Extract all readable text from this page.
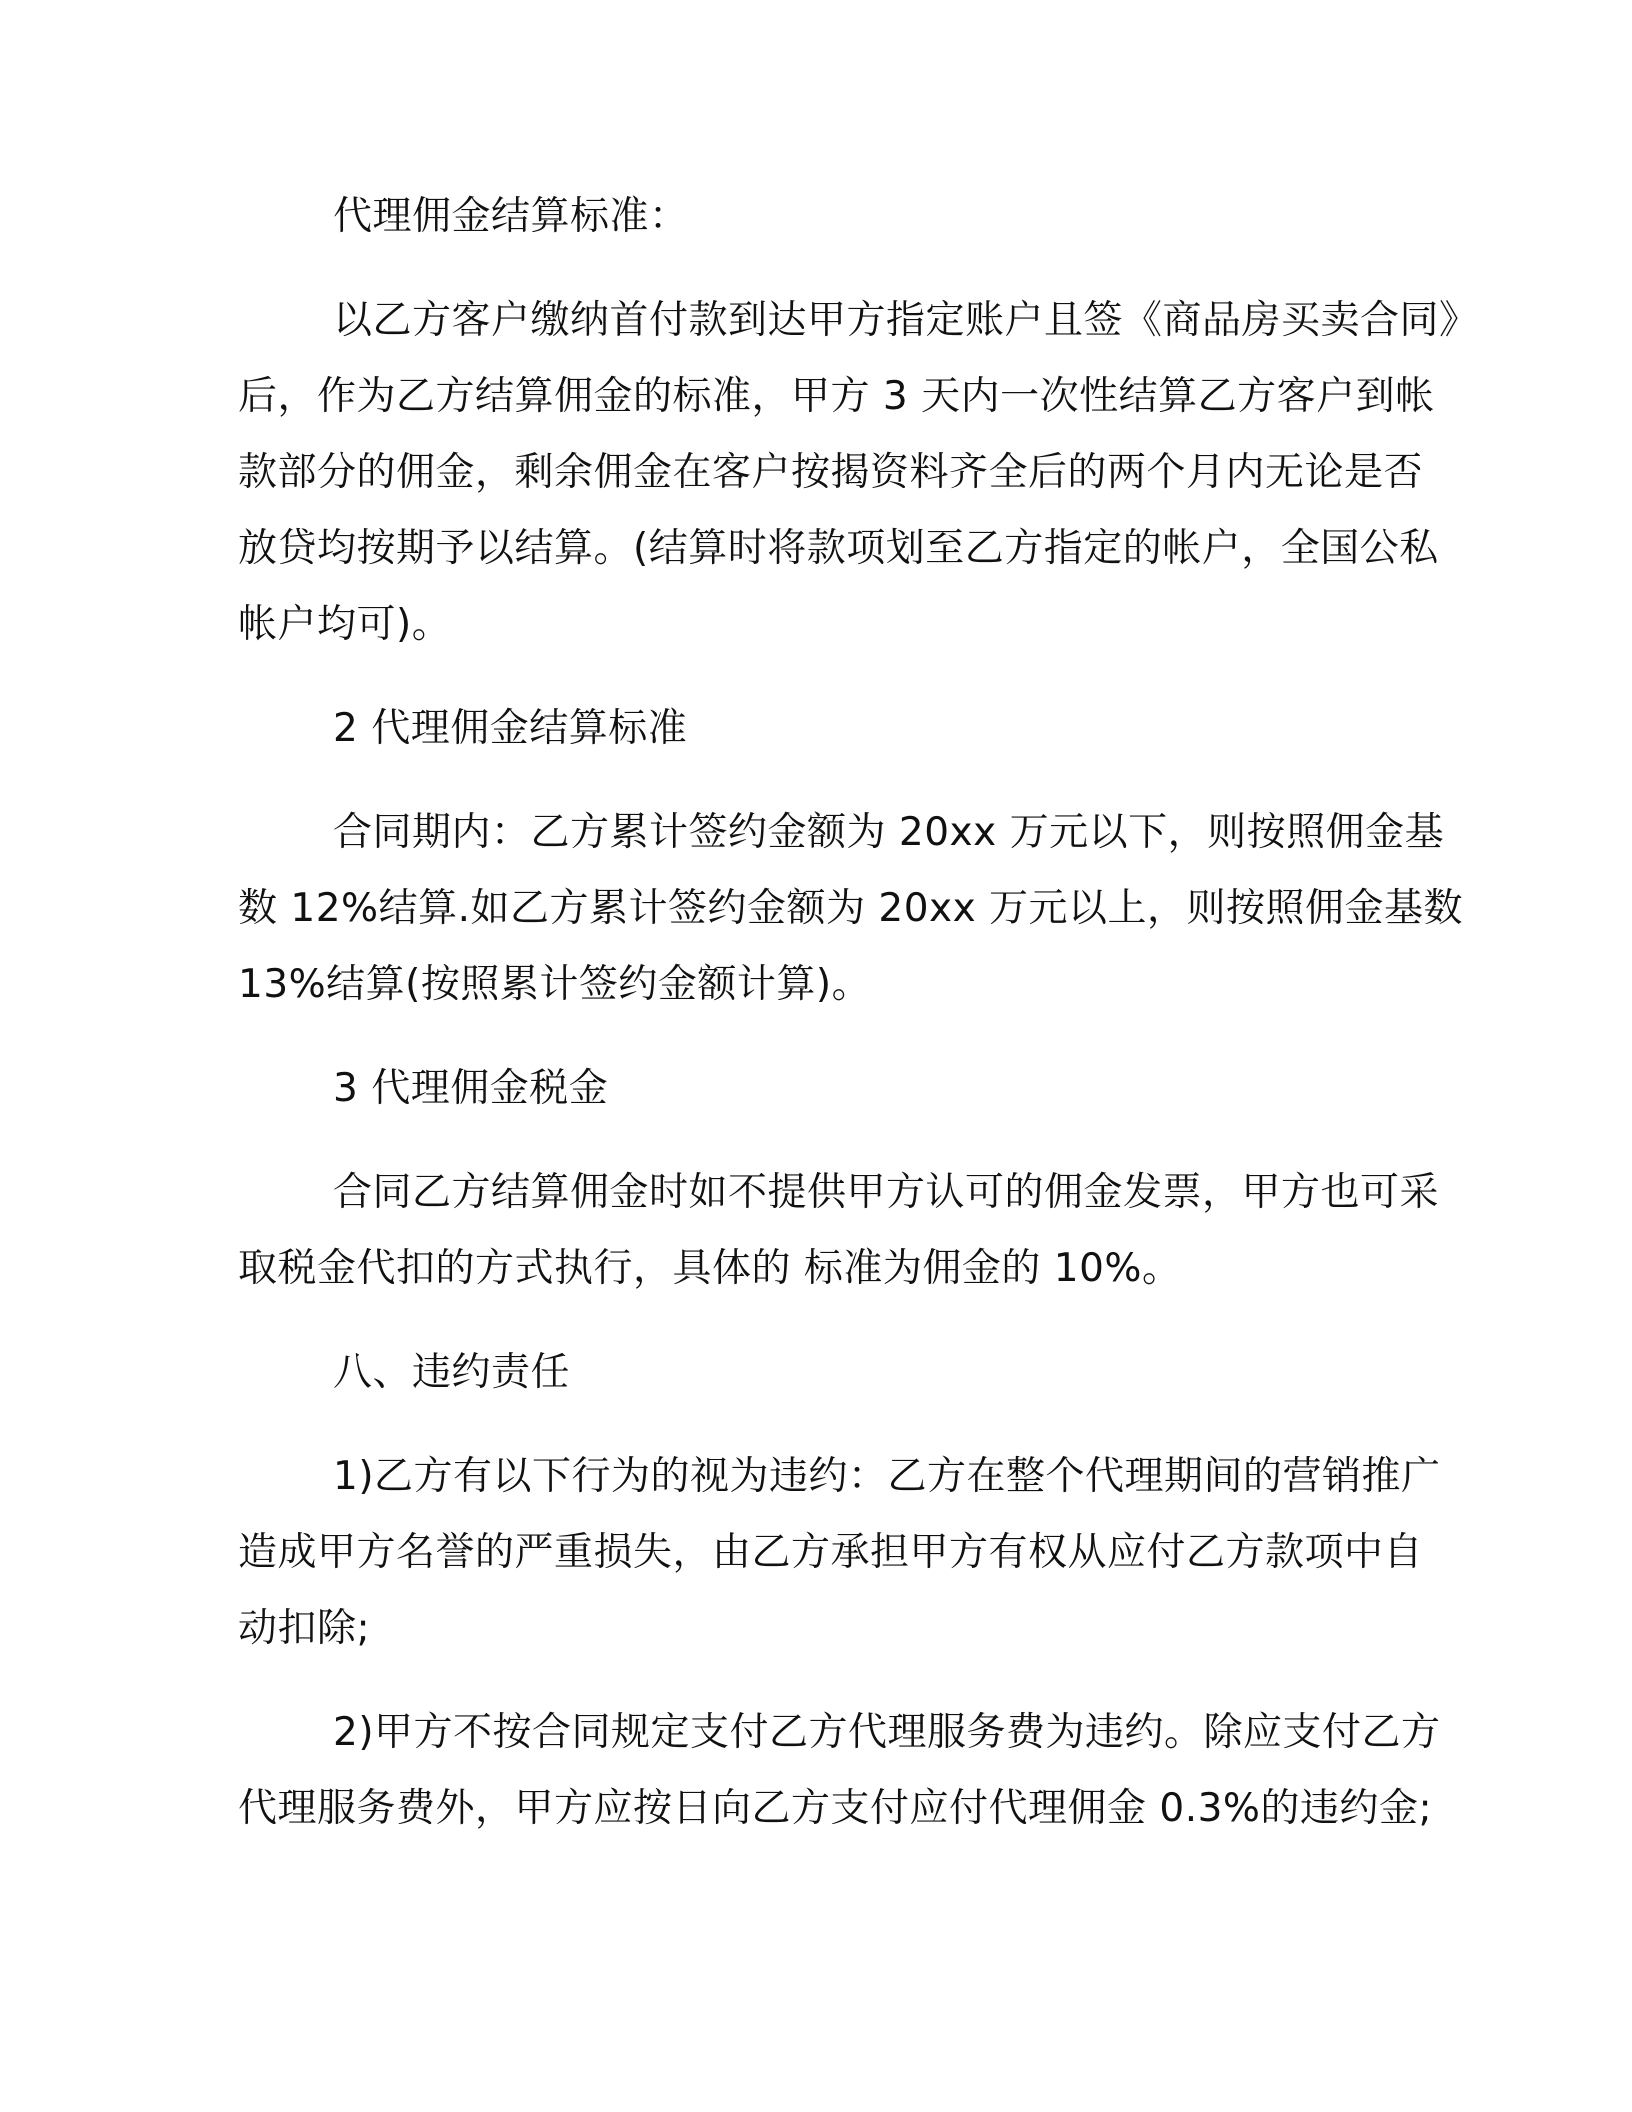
代理佣金结算标准：
以乙方客户缴纳首付款到达甲方指定账户且签《商品房买卖合同》
后，作为乙方结算佣金的标准，甲方 3 天内一次性结算乙方客户到帐
款部分的佣金，剩余佣金在客户按揭资料齐全后的两个月内无论是否
放贷均按期予以结算。(结算时将款项划至乙方指定的帐户，全国公私
帐户均可)。
2 代理佣金结算标准
合同期内：乙方累计签约金额为 20xx 万元以下，则按照佣金基
数 12%结算.如乙方累计签约金额为 20xx 万元以上，则按照佣金基数
13%结算(按照累计签约金额计算)。
3 代理佣金税金
合同乙方结算佣金时如不提供甲方认可的佣金发票，甲方也可采
取税金代扣的方式执行，具体的 标准为佣金的 10%。
八、违约责任
1)乙方有以下行为的视为违约：乙方在整个代理期间的营销推广
造成甲方名誉的严重损失，由乙方承担甲方有权从应付乙方款项中自
动扣除;
2)甲方不按合同规定支付乙方代理服务费为违约。除应支付乙方
代理服务费外，甲方应按日向乙方支付应付代理佣金 0.3%的违约金;
